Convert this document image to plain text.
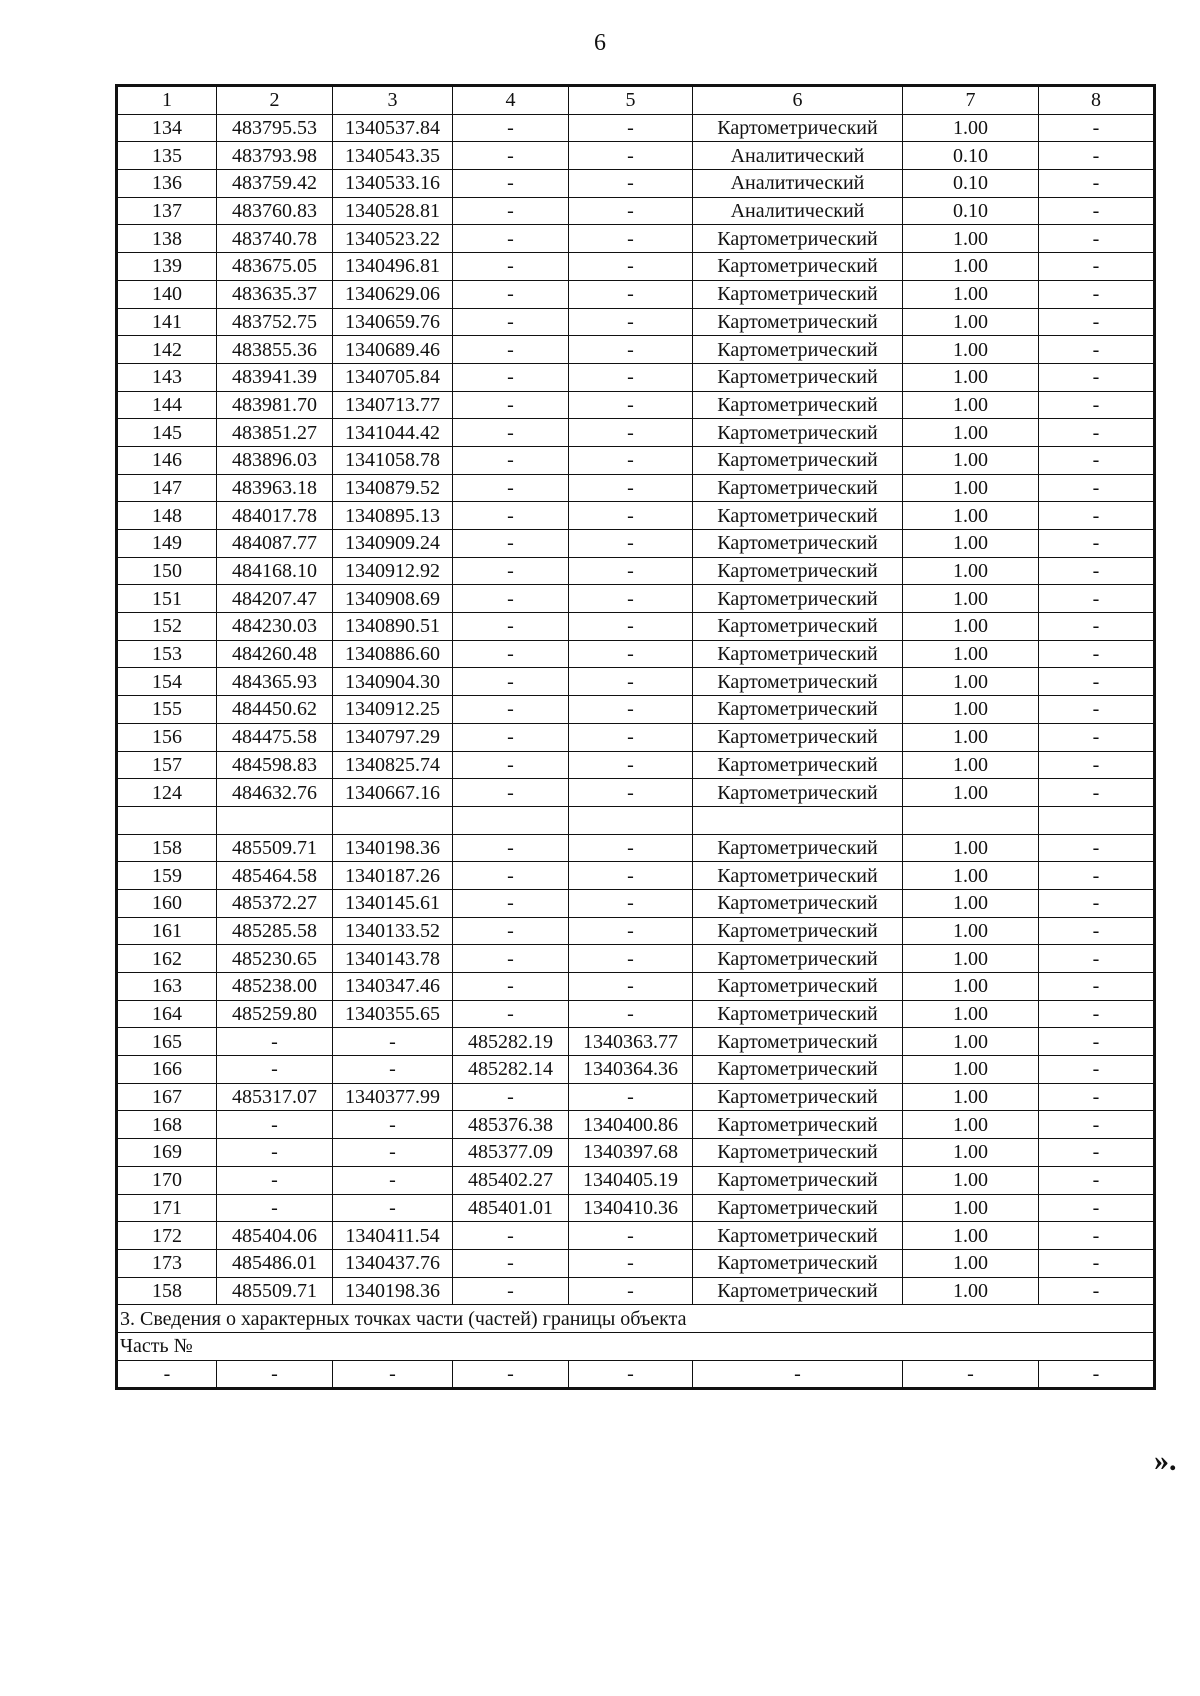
6
1	2	3	4	5	6	7	8
134	483795.53	1340537.84	-	-	Картометрический	1.00	-
135	483793.98	1340543.35	-	-	Аналитический	0.10	-
136	483759.42	1340533.16	-	-	Аналитический	0.10	-
137	483760.83	1340528.81	-	-	Аналитический	0.10	-
138	483740.78	1340523.22	-	-	Картометрический	1.00	-
139	483675.05	1340496.81	-	-	Картометрический	1.00	-
140	483635.37	1340629.06	-	-	Картометрический	1.00	-
141	483752.75	1340659.76	-	-	Картометрический	1.00	-
142	483855.36	1340689.46	-	-	Картометрический	1.00	-
143	483941.39	1340705.84	-	-	Картометрический	1.00	-
144	483981.70	1340713.77	-	-	Картометрический	1.00	-
145	483851.27	1341044.42	-	-	Картометрический	1.00	-
146	483896.03	1341058.78	-	-	Картометрический	1.00	-
147	483963.18	1340879.52	-	-	Картометрический	1.00	-
148	484017.78	1340895.13	-	-	Картометрический	1.00	-
149	484087.77	1340909.24	-	-	Картометрический	1.00	-
150	484168.10	1340912.92	-	-	Картометрический	1.00	-
151	484207.47	1340908.69	-	-	Картометрический	1.00	-
152	484230.03	1340890.51	-	-	Картометрический	1.00	-
153	484260.48	1340886.60	-	-	Картометрический	1.00	-
154	484365.93	1340904.30	-	-	Картометрический	1.00	-
155	484450.62	1340912.25	-	-	Картометрический	1.00	-
156	484475.58	1340797.29	-	-	Картометрический	1.00	-
157	484598.83	1340825.74	-	-	Картометрический	1.00	-
124	484632.76	1340667.16	-	-	Картометрический	1.00	-

158	485509.71	1340198.36	-	-	Картометрический	1.00	-
159	485464.58	1340187.26	-	-	Картометрический	1.00	-
160	485372.27	1340145.61	-	-	Картометрический	1.00	-
161	485285.58	1340133.52	-	-	Картометрический	1.00	-
162	485230.65	1340143.78	-	-	Картометрический	1.00	-
163	485238.00	1340347.46	-	-	Картометрический	1.00	-
164	485259.80	1340355.65	-	-	Картометрический	1.00	-
165	-	-	485282.19	1340363.77	Картометрический	1.00	-
166	-	-	485282.14	1340364.36	Картометрический	1.00	-
167	485317.07	1340377.99	-	-	Картометрический	1.00	-
168	-	-	485376.38	1340400.86	Картометрический	1.00	-
169	-	-	485377.09	1340397.68	Картометрический	1.00	-
170	-	-	485402.27	1340405.19	Картометрический	1.00	-
171	-	-	485401.01	1340410.36	Картометрический	1.00	-
172	485404.06	1340411.54	-	-	Картометрический	1.00	-
173	485486.01	1340437.76	-	-	Картометрический	1.00	-
158	485509.71	1340198.36	-	-	Картометрический	1.00	-
3. Сведения о характерных точках части (частей) границы объекта							
Часть №							
-	-	-	-	-	-	-	-
».
